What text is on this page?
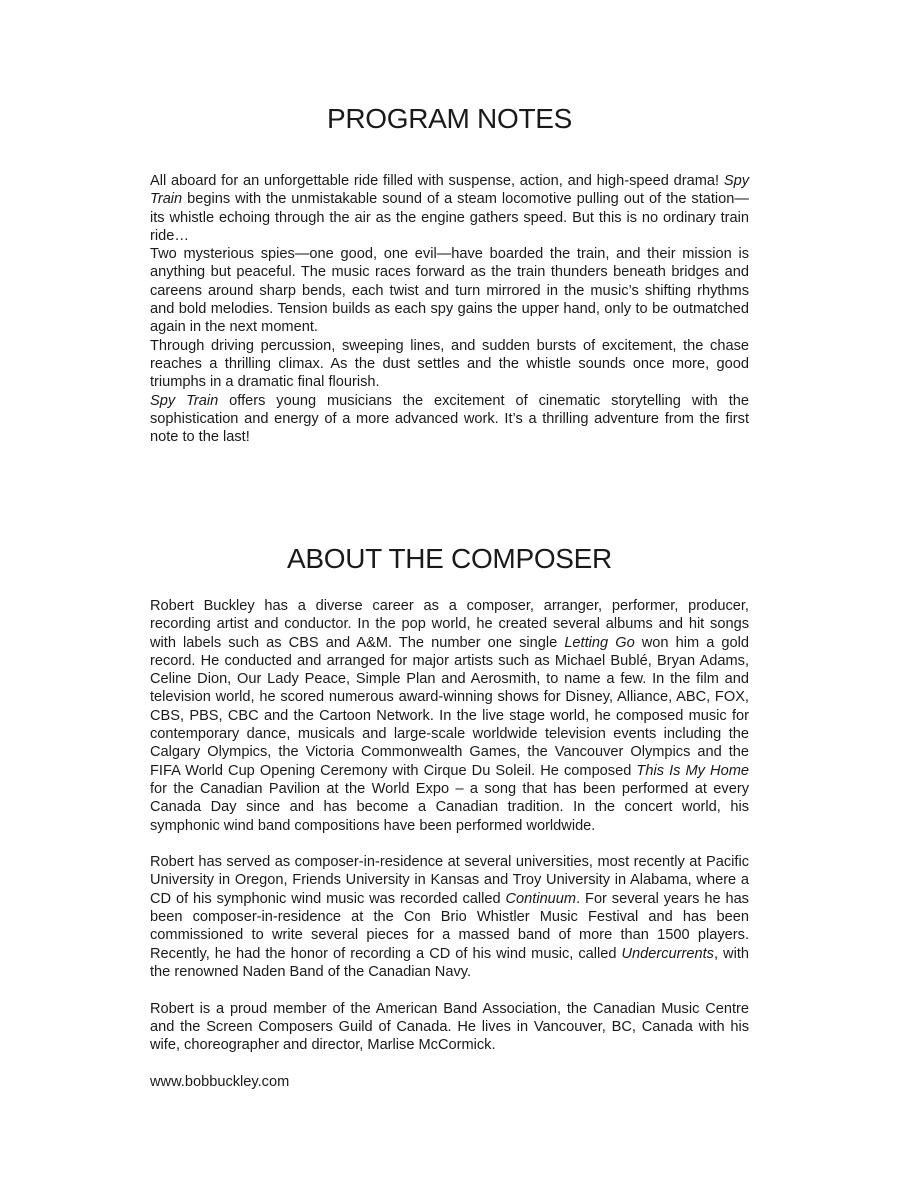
PROGRAM NOTES

All aboard for an unforgettable ride filled with suspense, action, and high-speed drama! Spy Train begins with the unmistakable sound of a steam locomotive pulling out of the station—its whistle echoing through the air as the engine gathers speed. But this is no ordinary train ride…

Two mysterious spies—one good, one evil—have boarded the train, and their mission is anything but peaceful. The music races forward as the train thunders beneath bridges and careens around sharp bends, each twist and turn mirrored in the music’s shifting rhythms and bold melodies. Tension builds as each spy gains the upper hand, only to be outmatched again in the next moment.

Through driving percussion, sweeping lines, and sudden bursts of excitement, the chase reaches a thrilling climax. As the dust settles and the whistle sounds once more, good triumphs in a dramatic final flourish.

Spy Train offers young musicians the excitement of cinematic storytelling with the sophistication and energy of a more advanced work. It’s a thrilling adventure from the first note to the last!

ABOUT THE COMPOSER

Robert Buckley has a diverse career as a composer, arranger, performer, producer, recording artist and conductor. In the pop world, he created several albums and hit songs with labels such as CBS and A&M. The number one single Letting Go won him a gold record. He conducted and arranged for major artists such as Michael Bublé, Bryan Adams, Celine Dion, Our Lady Peace, Simple Plan and Aerosmith, to name a few. In the film and television world, he scored numerous award-winning shows for Disney, Alliance, ABC, FOX, CBS, PBS, CBC and the Cartoon Network. In the live stage world, he composed music for contemporary dance, musicals and large-scale worldwide television events including the Calgary Olympics, the Victoria Commonwealth Games, the Vancouver Olympics and the FIFA World Cup Opening Ceremony with Cirque Du Soleil. He composed This Is My Home for the Canadian Pavilion at the World Expo – a song that has been performed at every Canada Day since and has become a Canadian tradition. In the concert world, his symphonic wind band compositions have been performed worldwide.

Robert has served as composer-in-residence at several universities, most recently at Pacific University in Oregon, Friends University in Kansas and Troy University in Alabama, where a CD of his symphonic wind music was recorded called Continuum. For several years he has been composer-in-residence at the Con Brio Whistler Music Festival and has been commissioned to write several pieces for a massed band of more than 1500 players. Recently, he had the honor of recording a CD of his wind music, called Undercurrents, with the renowned Naden Band of the Canadian Navy.

Robert is a proud member of the American Band Association, the Canadian Music Centre and the Screen Composers Guild of Canada. He lives in Vancouver, BC, Canada with his wife, choreographer and director, Marlise McCormick.

www.bobbuckley.com
